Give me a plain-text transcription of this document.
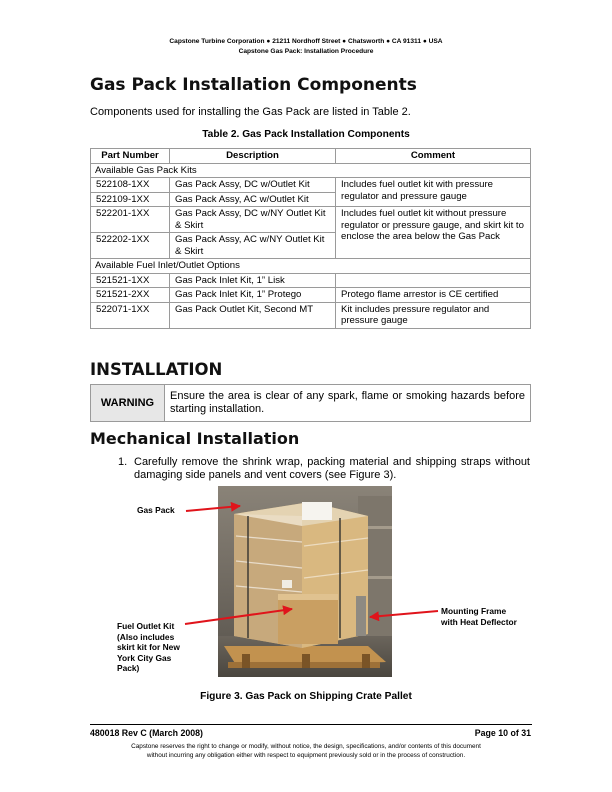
Capstone Turbine Corporation ● 21211 Nordhoff Street ● Chatsworth ● CA 91311 ● USA
Capstone Gas Pack: Installation Procedure
Gas Pack Installation Components
Components used for installing the Gas Pack are listed in Table 2.
Table 2. Gas Pack Installation Components
Part Number	Description	Comment
Available Gas Pack Kits		
522108-1XX	Gas Pack Assy, DC w/Outlet Kit	Includes fuel outlet kit with pressure regulator and pressure gauge
522109-1XX	Gas Pack Assy, AC w/Outlet Kit	
522201-1XX	Gas Pack Assy, DC w/NY Outlet Kit & Skirt	Includes fuel outlet kit without pressure regulator or pressure gauge, and skirt kit to enclose the area below the Gas Pack
522202-1XX	Gas Pack Assy, AC w/NY Outlet Kit & Skirt	
Available Fuel Inlet/Outlet Options		
521521-1XX	Gas Pack Inlet Kit, 1” Lisk	
521521-2XX	Gas Pack Inlet Kit, 1” Protego	Protego flame arrestor is CE certified
522071-1XX	Gas Pack Outlet Kit, Second MT	Kit includes pressure regulator and pressure gauge
INSTALLATION
WARNING	Ensure the area is clear of any spark, flame or smoking hazards before starting installation.
Mechanical Installation
1. Carefully remove the shrink wrap, packing material and shipping straps without damaging side panels and vent covers (see Figure 3).
Gas Pack
Fuel Outlet Kit
(Also includes
skirt kit for New
York City Gas
Pack)
Mounting Frame
with Heat Deflector
Figure 3. Gas Pack on Shipping Crate Pallet
480018 Rev C (March 2008)	Page 10 of 31
Capstone reserves the right to change or modify, without notice, the design, specifications, and/or contents of this document
without incurring any obligation either with respect to equipment previously sold or in the process of construction.
